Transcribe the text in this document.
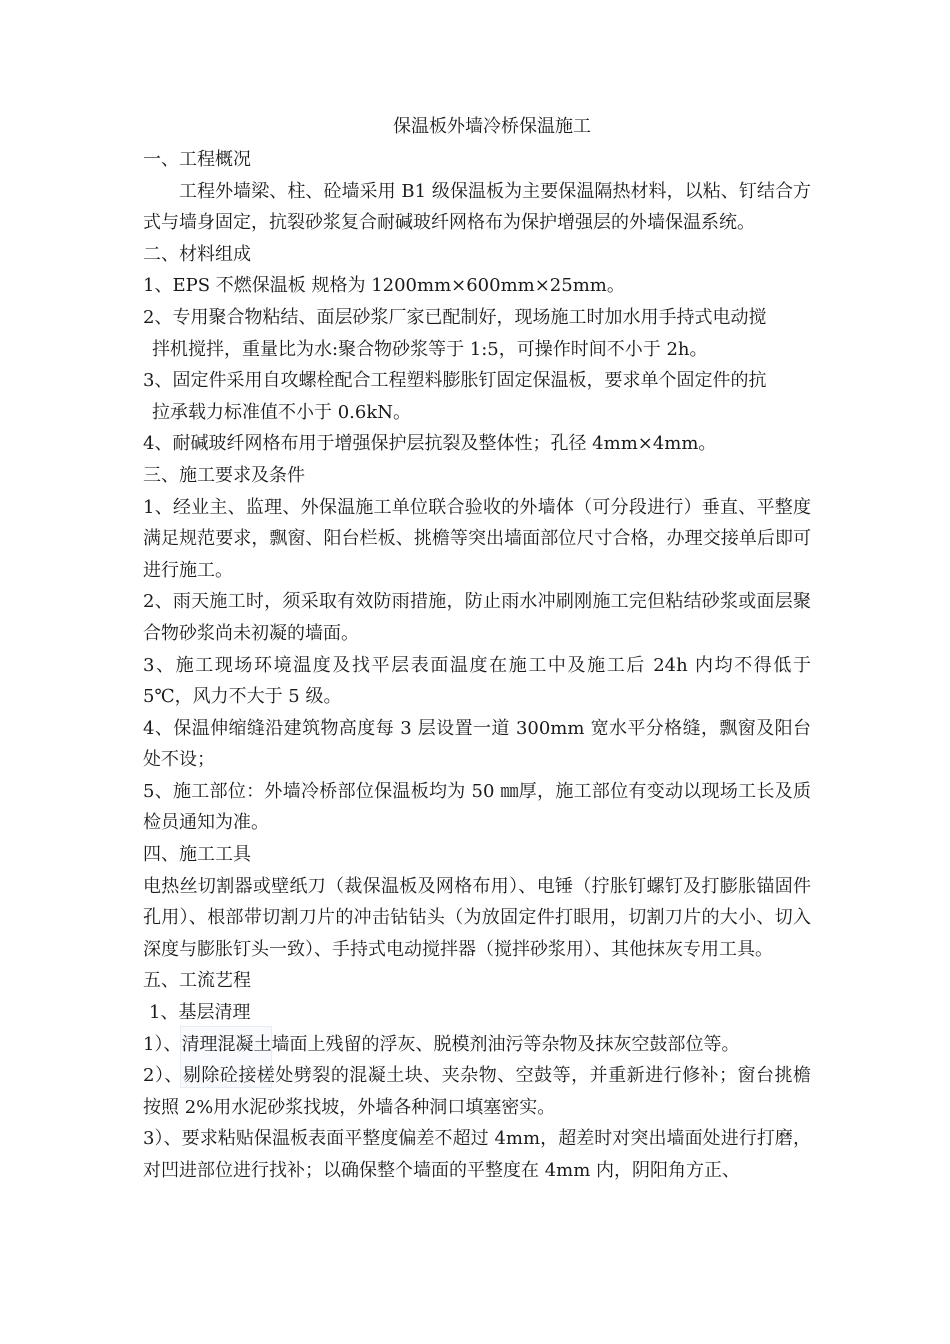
保温板外墙冷桥保温施工

一、工程概况

工程外墙梁、柱、砼墙采用 B1 级保温板为主要保温隔热材料，以粘、钉结合方式与墙身固定，抗裂砂浆复合耐碱玻纤网格布为保护增强层的外墙保温系统。

二、材料组成

1、EPS 不燃保温板 规格为 1200mm×600mm×25mm。

2、专用聚合物粘结、面层砂浆厂家已配制好，现场施工时加水用手持式电动搅

拌机搅拌，重量比为水:聚合物砂浆等于 1:5，可操作时间不小于 2h。

3、固定件采用自攻螺栓配合工程塑料膨胀钉固定保温板，要求单个固定件的抗

拉承载力标准值不小于 0.6kN。

4、耐碱玻纤网格布用于增强保护层抗裂及整体性；孔径 4mm×4mm。

三、施工要求及条件

1、经业主、监理、外保温施工单位联合验收的外墙体（可分段进行）垂直、平整度满足规范要求，飘窗、阳台栏板、挑檐等突出墙面部位尺寸合格，办理交接单后即可进行施工。

2、雨天施工时，须采取有效防雨措施，防止雨水冲刷刚施工完但粘结砂浆或面层聚合物砂浆尚未初凝的墙面。

3、施工现场环境温度及找平层表面温度在施工中及施工后 24h 内均不得低于 5℃，风力不大于 5 级。

4、保温伸缩缝沿建筑物高度每 3 层设置一道 300mm 宽水平分格缝，飘窗及阳台处不设；

5、施工部位：外墙冷桥部位保温板均为 50 ㎜厚，施工部位有变动以现场工长及质检员通知为准。

四、施工工具

电热丝切割器或壁纸刀（裁保温板及网格布用）、电锤（拧胀钉螺钉及打膨胀锚固件孔用）、根部带切割刀片的冲击钻钻头（为放固定件打眼用，切割刀片的大小、切入深度与膨胀钉头一致）、手持式电动搅拌器（搅拌砂浆用）、其他抹灰专用工具。

五、工流艺程

1、基层清理

1）、清理混凝土墙面上残留的浮灰、脱模剂油污等杂物及抹灰空鼓部位等。

2）、剔除砼接槎处劈裂的混凝土块、夹杂物、空鼓等，并重新进行修补；窗台挑檐按照 2%用水泥砂浆找坡，外墙各种洞口填塞密实。

3）、要求粘贴保温板表面平整度偏差不超过 4mm，超差时对突出墙面处进行打磨，对凹进部位进行找补；以确保整个墙面的平整度在 4mm 内，阴阳角方正、
